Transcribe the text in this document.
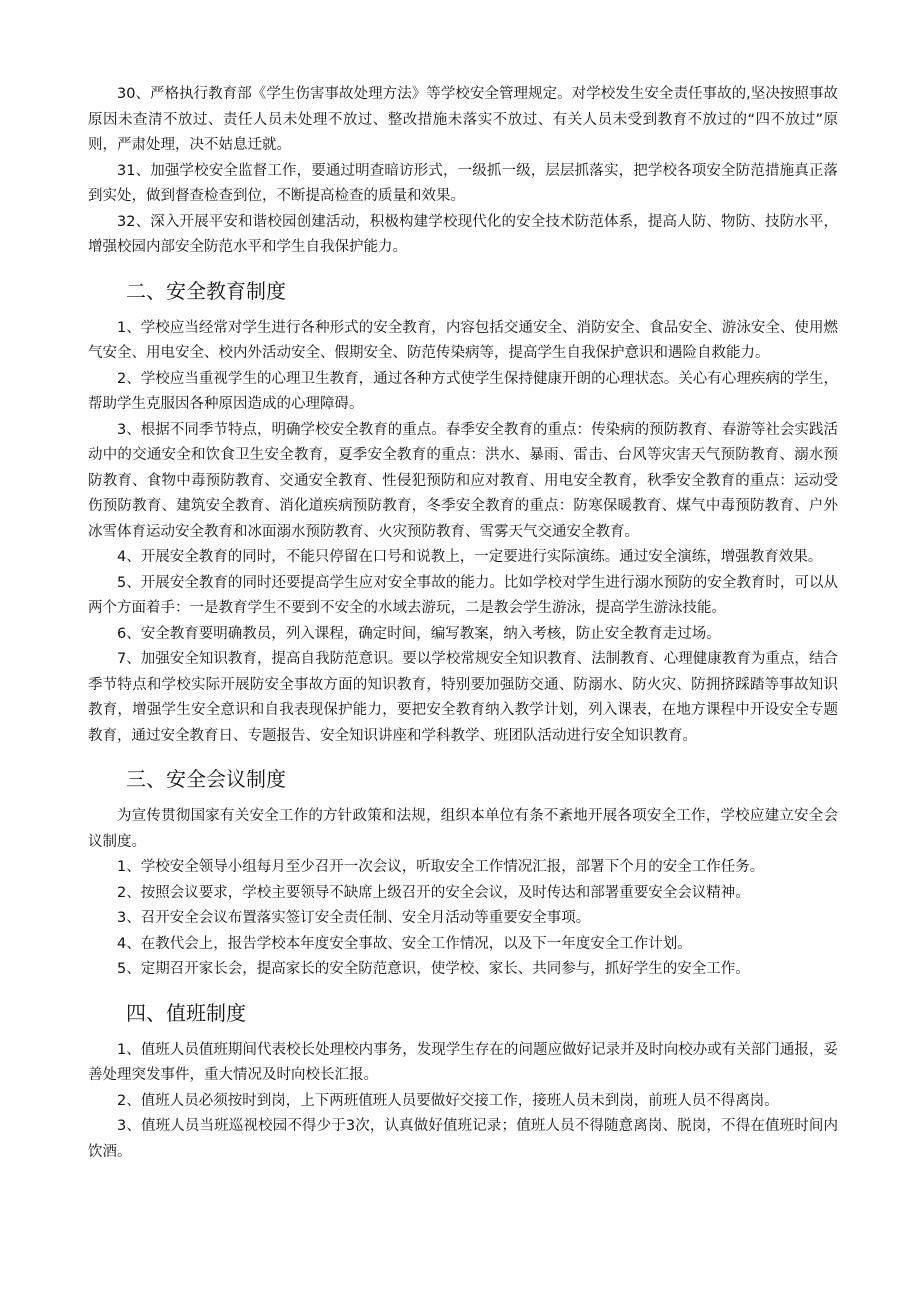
30、严格执行教育部《学生伤害事故处理方法》等学校安全管理规定。对学校发生安全责任事故的,坚决按照事故原因未查清不放过、责任人员未处理不放过、整改措施未落实不放过、有关人员未受到教育不放过的“四不放过”原则，严肃处理，决不姑息迁就。

31、加强学校安全监督工作，要通过明查暗访形式，一级抓一级，层层抓落实，把学校各项安全防范措施真正落到实处，做到督查检查到位，不断提高检查的质量和效果。

32、深入开展平安和谐校园创建活动，积极构建学校现代化的安全技术防范体系，提高人防、物防、技防水平，增强校园内部安全防范水平和学生自我保护能力。

二、安全教育制度

1、学校应当经常对学生进行各种形式的安全教育，内容包括交通安全、消防安全、食品安全、游泳安全、使用燃气安全、用电安全、校内外活动安全、假期安全、防范传染病等，提高学生自我保护意识和遇险自救能力。

2、学校应当重视学生的心理卫生教育，通过各种方式使学生保持健康开朗的心理状态。关心有心理疾病的学生，帮助学生克服因各种原因造成的心理障碍。

3、根据不同季节特点，明确学校安全教育的重点。春季安全教育的重点：传染病的预防教育、春游等社会实践活动中的交通安全和饮食卫生安全教育，夏季安全教育的重点：洪水、暴雨、雷击、台风等灾害天气预防教育、溺水预防教育、食物中毒预防教育、交通安全教育、性侵犯预防和应对教育、用电安全教育，秋季安全教育的重点：运动受伤预防教育、建筑安全教育、消化道疾病预防教育，冬季安全教育的重点：防寒保暖教育、煤气中毒预防教育、户外冰雪体育运动安全教育和冰面溺水预防教育、火灾预防教育、雪雾天气交通安全教育。

4、开展安全教育的同时，不能只停留在口号和说教上，一定要进行实际演练。通过安全演练，增强教育效果。

5、开展安全教育的同时还要提高学生应对安全事故的能力。比如学校对学生进行溺水预防的安全教育时，可以从两个方面着手：一是教育学生不要到不安全的水域去游玩，二是教会学生游泳，提高学生游泳技能。

6、安全教育要明确教员，列入课程，确定时间，编写教案，纳入考核，防止安全教育走过场。

7、加强安全知识教育，提高自我防范意识。要以学校常规安全知识教育、法制教育、心理健康教育为重点，结合季节特点和学校实际开展防安全事故方面的知识教育，特别要加强防交通、防溺水、防火灾、防拥挤踩踏等事故知识教育，增强学生安全意识和自我表现保护能力，要把安全教育纳入教学计划，列入课表，在地方课程中开设安全专题教育，通过安全教育日、专题报告、安全知识讲座和学科教学、班团队活动进行安全知识教育。

三、安全会议制度

为宣传贯彻国家有关安全工作的方针政策和法规，组织本单位有条不紊地开展各项安全工作，学校应建立安全会议制度。

1、学校安全领导小组每月至少召开一次会议，听取安全工作情况汇报，部署下个月的安全工作任务。

2、按照会议要求，学校主要领导不缺席上级召开的安全会议，及时传达和部署重要安全会议精神。

3、召开安全会议布置落实签订安全责任制、安全月活动等重要安全事项。

4、在教代会上，报告学校本年度安全事故、安全工作情况，以及下一年度安全工作计划。

5、定期召开家长会，提高家长的安全防范意识，使学校、家长、共同参与，抓好学生的安全工作。

四、值班制度

1、值班人员值班期间代表校长处理校内事务，发现学生存在的问题应做好记录并及时向校办或有关部门通报，妥善处理突发事件，重大情况及时向校长汇报。

2、值班人员必须按时到岗，上下两班值班人员要做好交接工作，接班人员未到岗，前班人员不得离岗。

3、值班人员当班巡视校园不得少于3次，认真做好值班记录；值班人员不得随意离岗、脱岗，不得在值班时间内饮酒。
